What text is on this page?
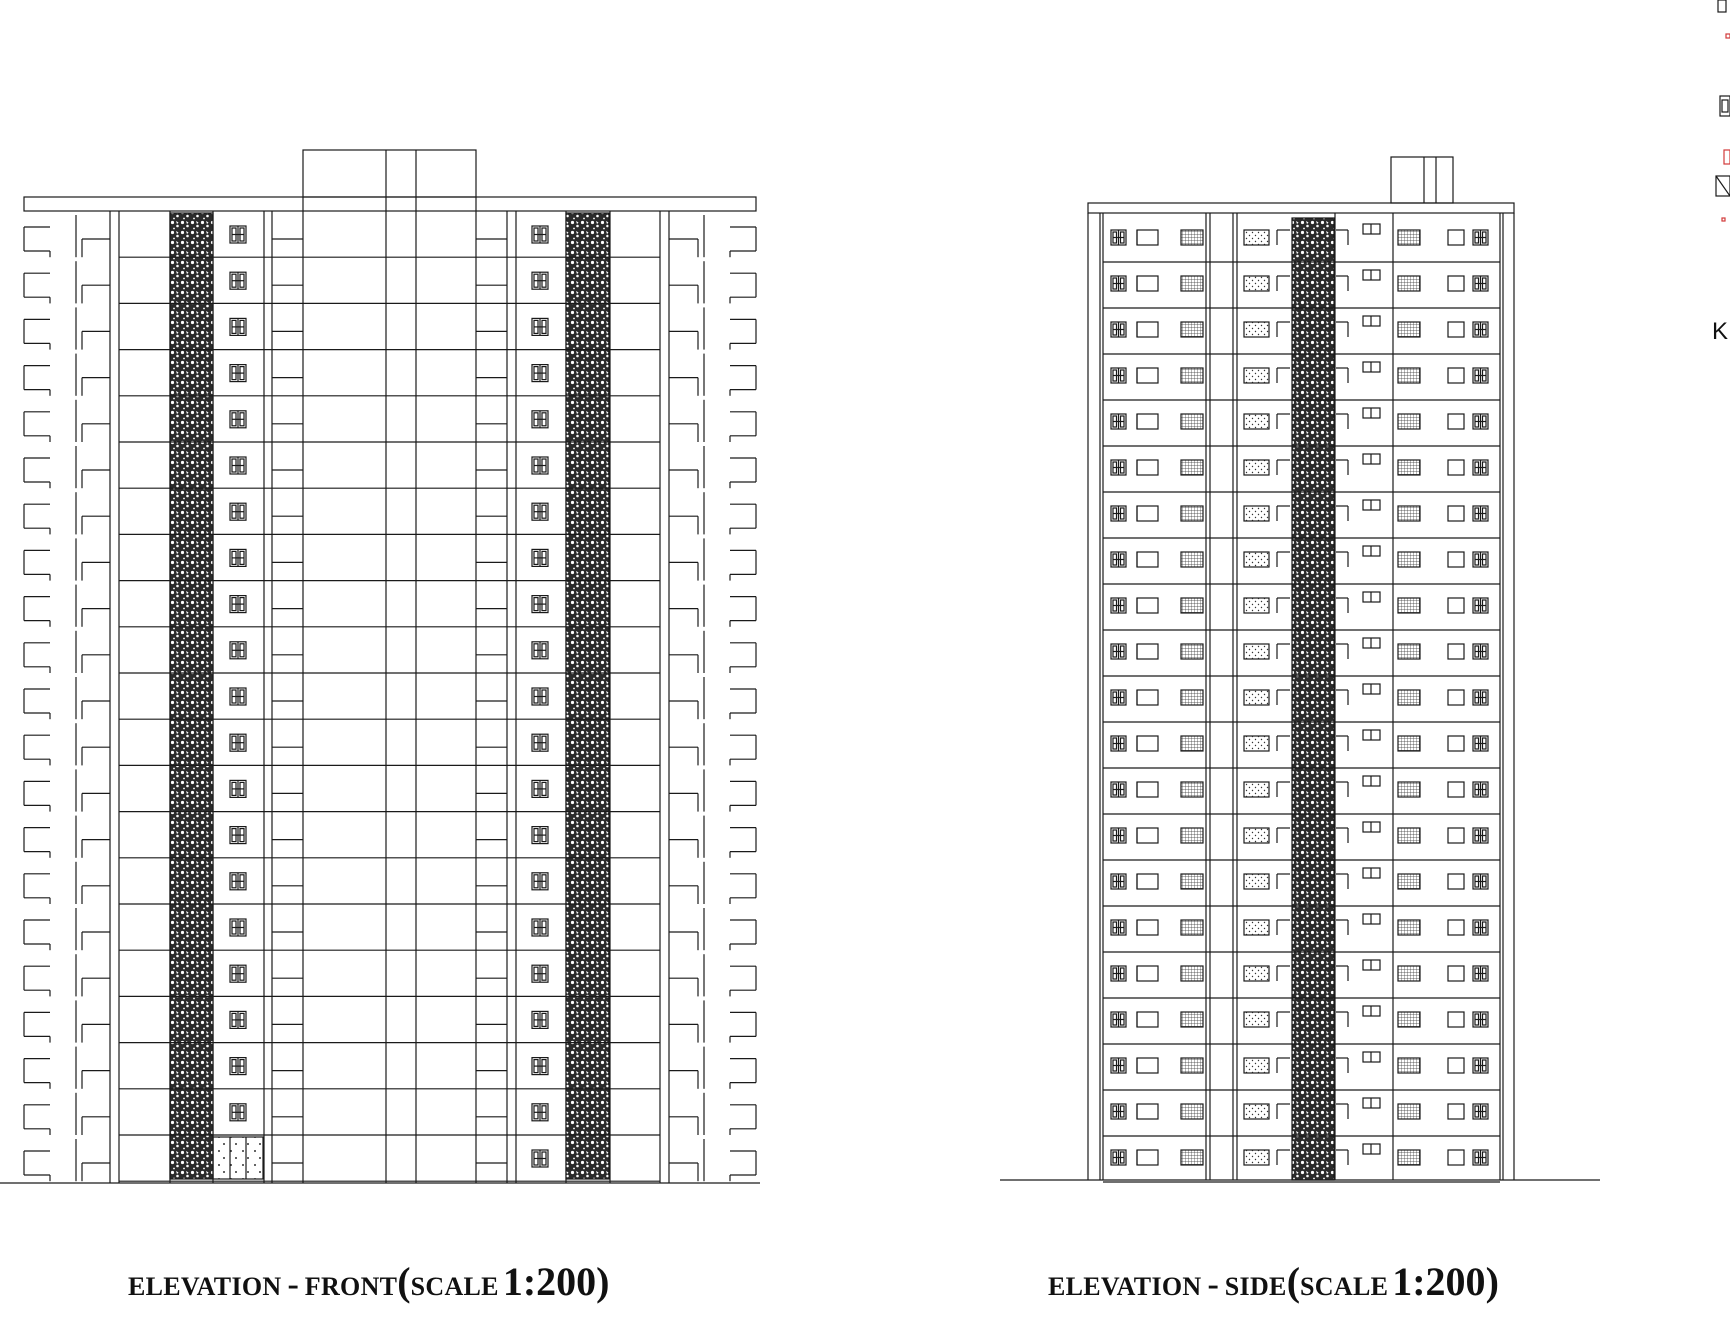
ELEVATION - FRONT(SCALE 1:200)	ELEVATION - SIDE(SCALE 1:200)
K
